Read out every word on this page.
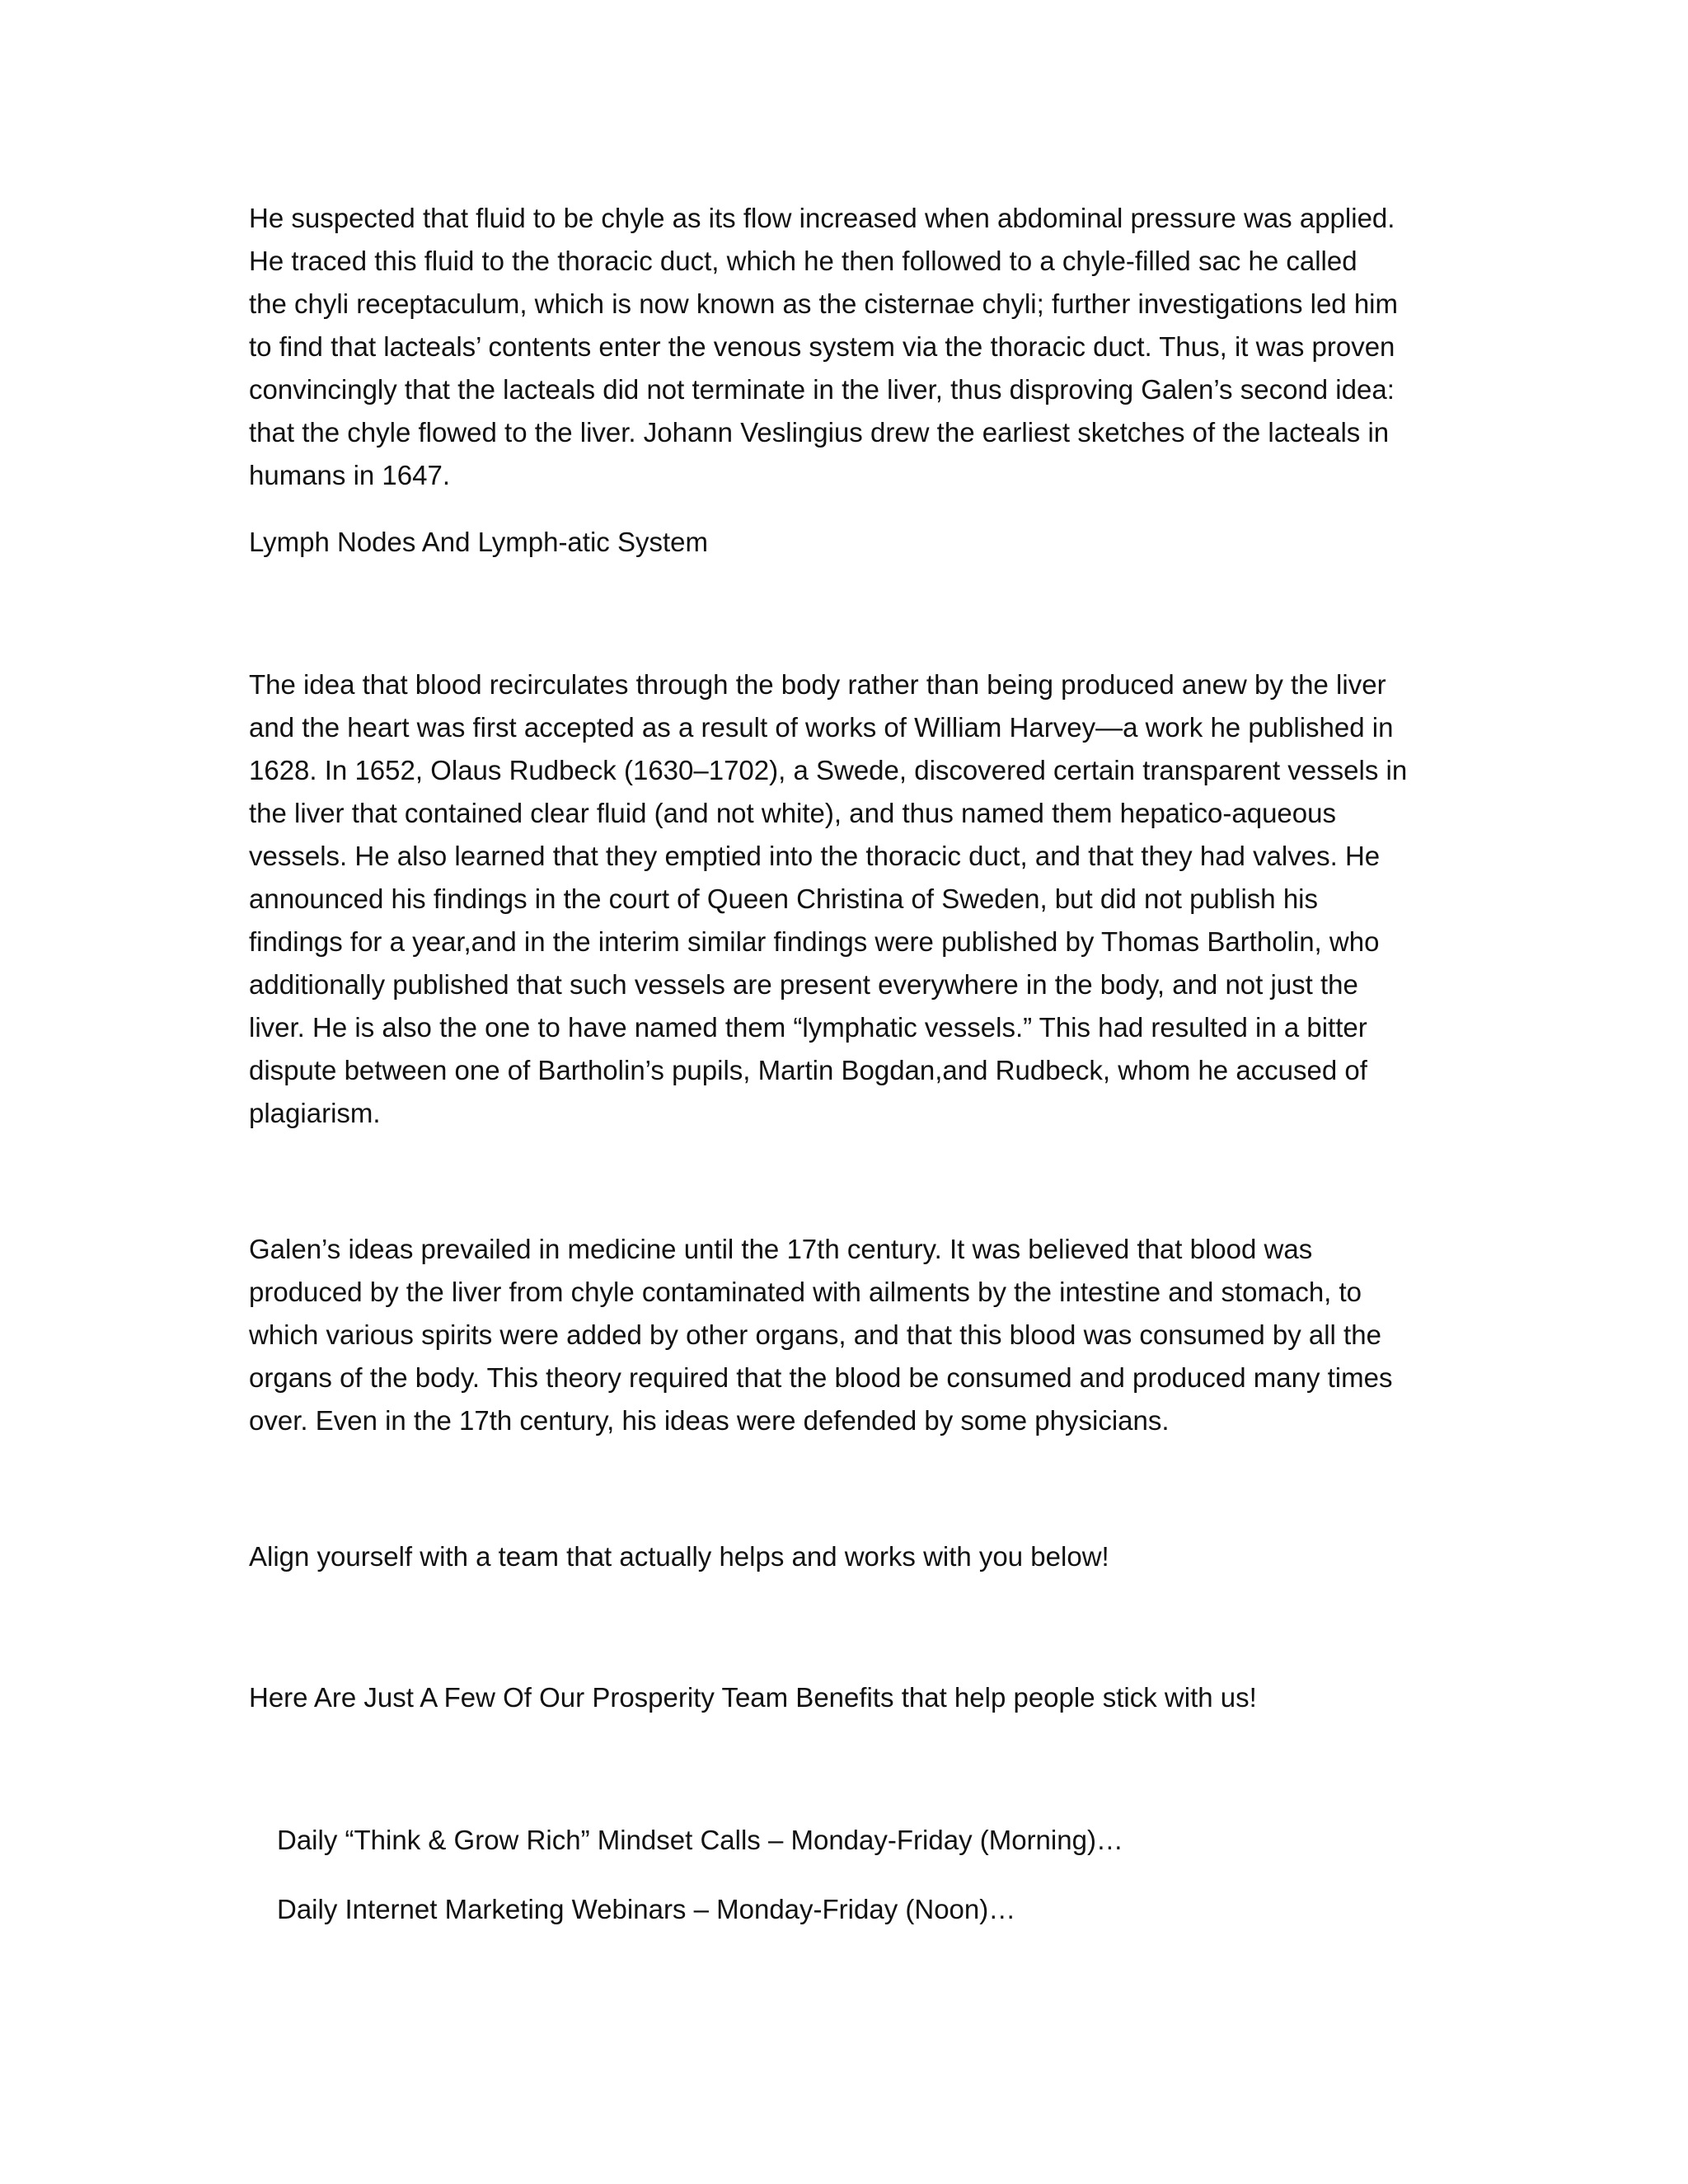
He suspected that fluid to be chyle as its flow increased when abdominal pressure was applied.
He traced this fluid to the thoracic duct, which he then followed to a chyle-filled sac he called
the chyli receptaculum, which is now known as the cisternae chyli; further investigations led him
to find that lacteals’ contents enter the venous system via the thoracic duct. Thus, it was proven
convincingly that the lacteals did not terminate in the liver, thus disproving Galen’s second idea:
that the chyle flowed to the liver. Johann Veslingius drew the earliest sketches of the lacteals in
humans in 1647.
Lymph Nodes And Lymph-atic System
The idea that blood recirculates through the body rather than being produced anew by the liver
and the heart was first accepted as a result of works of William Harvey—a work he published in
1628. In 1652, Olaus Rudbeck (1630–1702), a Swede, discovered certain transparent vessels in
the liver that contained clear fluid (and not white), and thus named them hepatico-aqueous
vessels. He also learned that they emptied into the thoracic duct, and that they had valves. He
announced his findings in the court of Queen Christina of Sweden, but did not publish his
findings for a year,and in the interim similar findings were published by Thomas Bartholin, who
additionally published that such vessels are present everywhere in the body, and not just the
liver. He is also the one to have named them “lymphatic vessels.” This had resulted in a bitter
dispute between one of Bartholin’s pupils, Martin Bogdan,and Rudbeck, whom he accused of
plagiarism.
Galen’s ideas prevailed in medicine until the 17th century. It was believed that blood was
produced by the liver from chyle contaminated with ailments by the intestine and stomach, to
which various spirits were added by other organs, and that this blood was consumed by all the
organs of the body. This theory required that the blood be consumed and produced many times
over. Even in the 17th century, his ideas were defended by some physicians.
Align yourself with a team that actually helps and works with you below!
Here Are Just A Few Of Our Prosperity Team Benefits that help people stick with us!
Daily “Think & Grow Rich” Mindset Calls – Monday-Friday (Morning)…
Daily Internet Marketing Webinars – Monday-Friday (Noon)…
